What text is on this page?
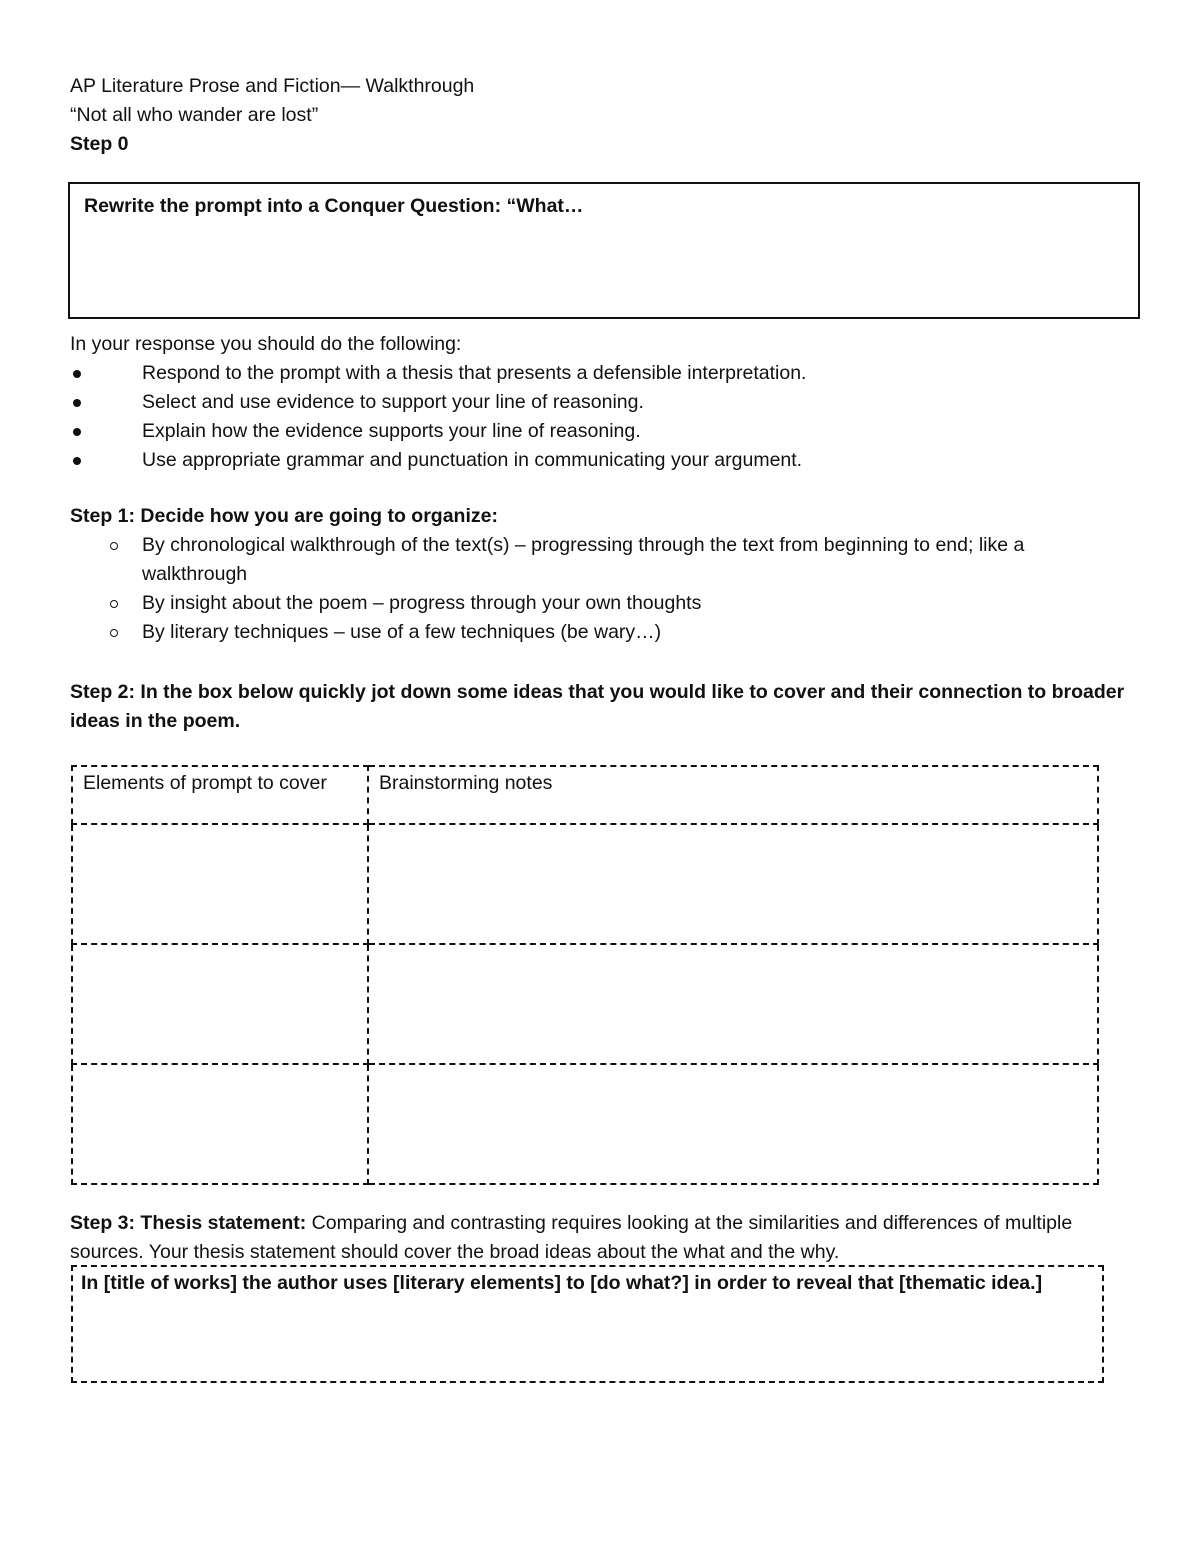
AP Literature Prose and Fiction— Walkthrough
“Not all who wander are lost”
Step 0
Rewrite the prompt into a Conquer Question: “What…
In your response you should do the following:
Respond to the prompt with a thesis that presents a defensible interpretation.
Select and use evidence to support your line of reasoning.
Explain how the evidence supports your line of reasoning.
Use appropriate grammar and punctuation in communicating your argument.
Step 1: Decide how you are going to organize:
By chronological walkthrough of the text(s) – progressing through the text from beginning to end; like a walkthrough
By insight about the poem – progress through your own thoughts
By literary techniques – use of a few techniques (be wary…)
Step 2: In the box below quickly jot down some ideas that you would like to cover and their connection to broader ideas in the poem.
Elements of prompt to cover	Brainstorming notes

Step 3: Thesis statement: Comparing and contrasting requires looking at the similarities and differences of multiple sources. Your thesis statement should cover the broad ideas about the what and the why.
In [title of works] the author uses [literary elements] to [do what?] in order to reveal that [thematic idea.]
